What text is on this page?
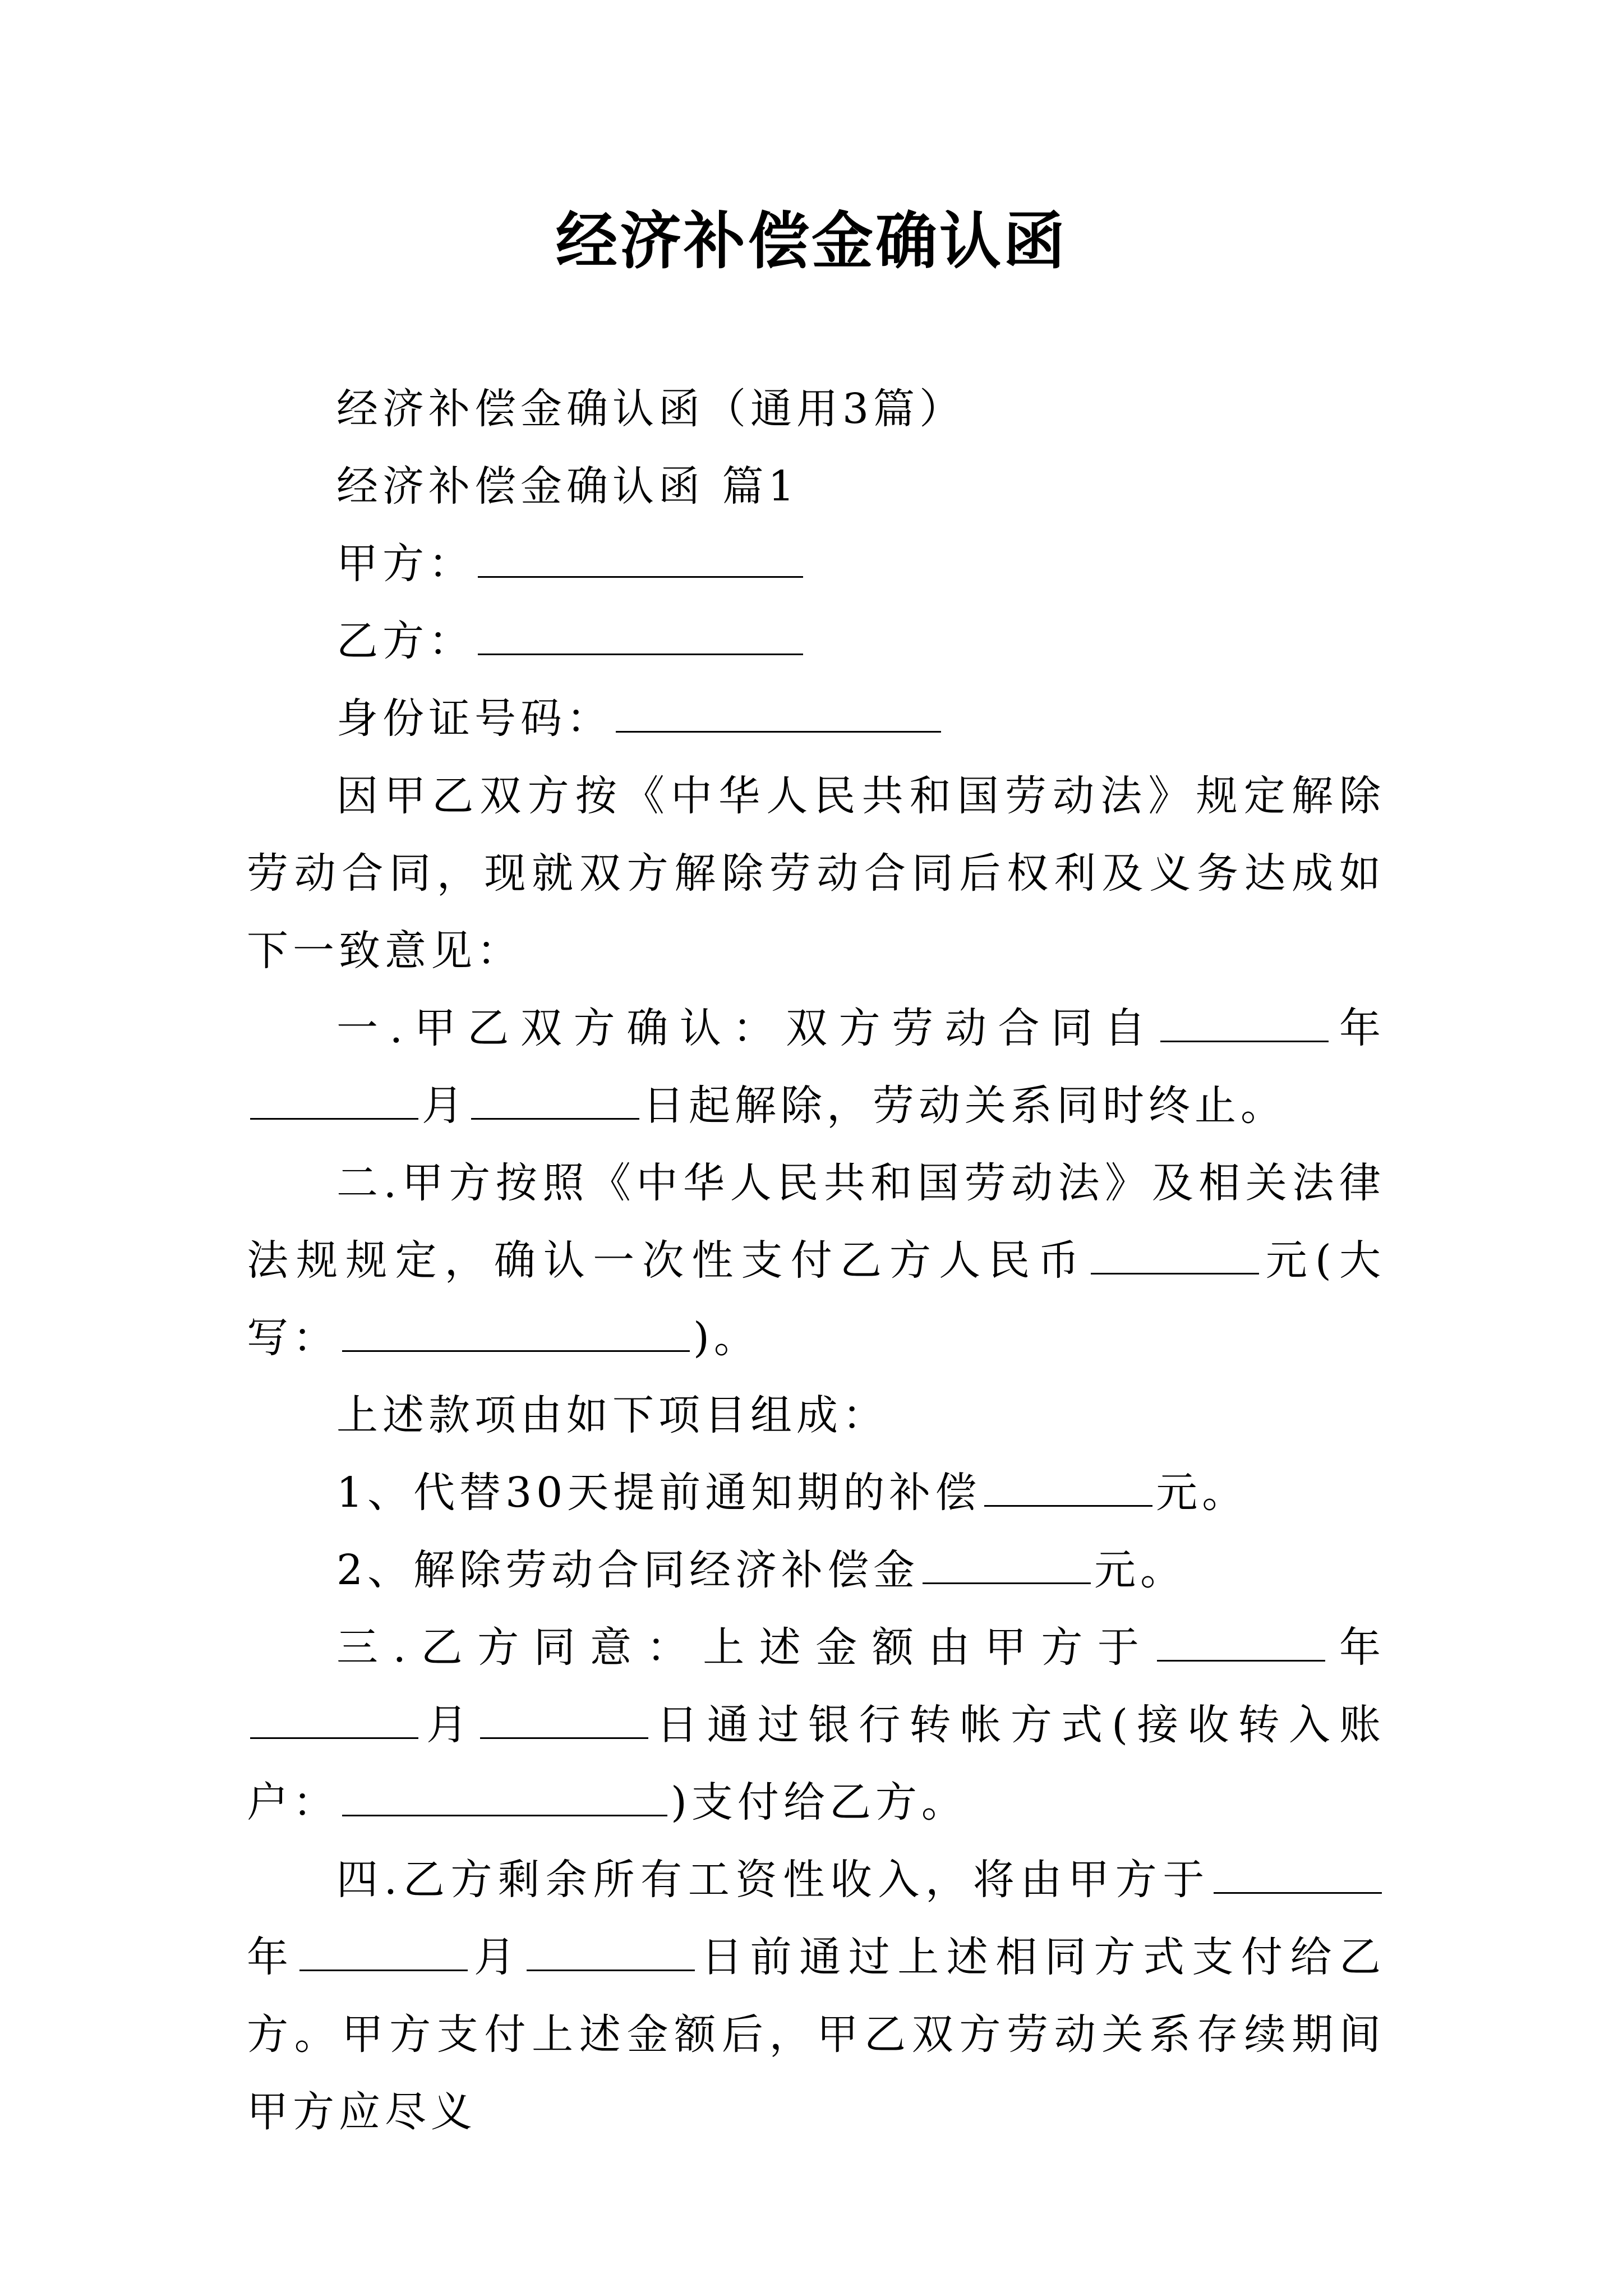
经济补偿金确认函

经济补偿金确认函（通用3篇）

经济补偿金确认函 篇1

甲方：

乙方：

身份证号码：

因甲乙双方按《中华人民共和国劳动法》规定解除劳动合同，现就双方解除劳动合同后权利及义务达成如下一致意见：

一.甲乙双方确认：双方劳动合同自	年月	日起解除，劳动关系同时终止。

二.甲方按照《中华人民共和国劳动法》及相关法律法规规定，确认一次性支付乙方人民币	元(大写：	)。

上述款项由如下项目组成：

1、代替30天提前通知期的补偿	元。

2、解除劳动合同经济补偿金	元。

三.乙方同意：上述金额由甲方于	年月	日通过银行转帐方式(接收转入账户：	)支付给乙方。

四.乙方剩余所有工资性收入，将由甲方于年	月	日前通过上述相同方式支付给乙方。甲方支付上述金额后，甲乙双方劳动关系存续期间甲方应尽义
